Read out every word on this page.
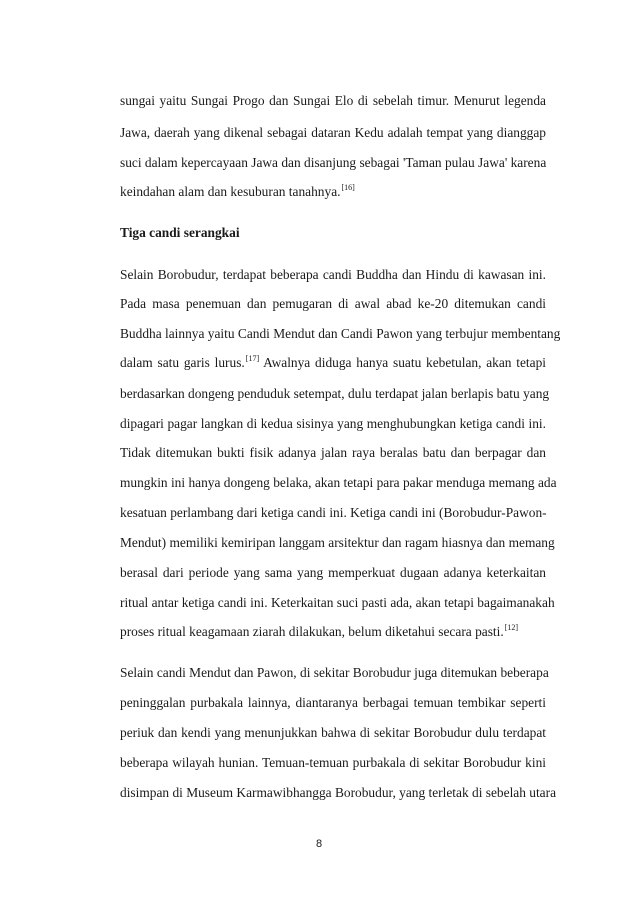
sungai yaitu Sungai Progo dan Sungai Elo di sebelah timur. Menurut legenda
Jawa, daerah yang dikenal sebagai dataran Kedu adalah tempat yang dianggap
suci dalam kepercayaan Jawa dan disanjung sebagai 'Taman pulau Jawa' karena
keindahan alam dan kesuburan tanahnya.[16]
Tiga candi serangkai
Selain Borobudur, terdapat beberapa candi Buddha dan Hindu di kawasan ini.
Pada masa penemuan dan pemugaran di awal abad ke-20 ditemukan candi
Buddha lainnya yaitu Candi Mendut dan Candi Pawon yang terbujur membentang
dalam satu garis lurus.[17] Awalnya diduga hanya suatu kebetulan, akan tetapi
berdasarkan dongeng penduduk setempat, dulu terdapat jalan berlapis batu yang
dipagari pagar langkan di kedua sisinya yang menghubungkan ketiga candi ini.
Tidak ditemukan bukti fisik adanya jalan raya beralas batu dan berpagar dan
mungkin ini hanya dongeng belaka, akan tetapi para pakar menduga memang ada
kesatuan perlambang dari ketiga candi ini. Ketiga candi ini (Borobudur-Pawon-
Mendut) memiliki kemiripan langgam arsitektur dan ragam hiasnya dan memang
berasal dari periode yang sama yang memperkuat dugaan adanya keterkaitan
ritual antar ketiga candi ini. Keterkaitan suci pasti ada, akan tetapi bagaimanakah
proses ritual keagamaan ziarah dilakukan, belum diketahui secara pasti.[12]
Selain candi Mendut dan Pawon, di sekitar Borobudur juga ditemukan beberapa
peninggalan purbakala lainnya, diantaranya berbagai temuan tembikar seperti
periuk dan kendi yang menunjukkan bahwa di sekitar Borobudur dulu terdapat
beberapa wilayah hunian. Temuan-temuan purbakala di sekitar Borobudur kini
disimpan di Museum Karmawibhangga Borobudur, yang terletak di sebelah utara
8
